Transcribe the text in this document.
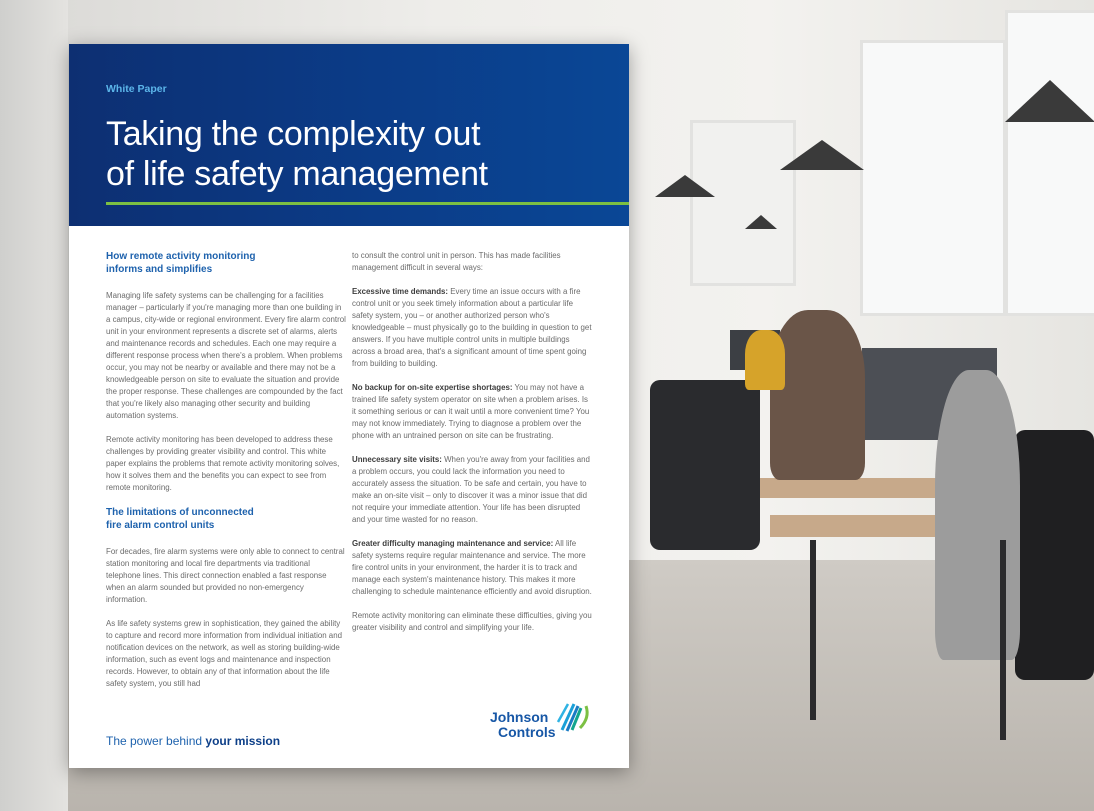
White Paper
Taking the complexity out
of life safety management
How remote activity monitoring informs and simplifies

Managing life safety systems can be challenging for a facilities manager – particularly if you're managing more than one building in a campus, city-wide or regional environment. Every fire alarm control unit in your environment represents a discrete set of alarms, alerts and maintenance records and schedules. Each one may require a different response process when there's a problem. When problems occur, you may not be nearby or available and there may not be a knowledgeable person on site to evaluate the situation and provide the proper response. These challenges are compounded by the fact that you're likely also managing other security and building automation systems.

Remote activity monitoring has been developed to address these challenges by providing greater visibility and control. This white paper explains the problems that remote activity monitoring solves, how it solves them and the benefits you can expect to see from remote monitoring.

The limitations of unconnected fire alarm control units

For decades, fire alarm systems were only able to connect to central station monitoring and local fire departments via traditional telephone lines. This direct connection enabled a fast response when an alarm sounded but provided no non-emergency information.

As life safety systems grew in sophistication, they gained the ability to capture and record more information from individual initiation and notification devices on the network, as well as storing building-wide information, such as event logs and maintenance and inspection records. However, to obtain any of that information about the life safety system, you still had

to consult the control unit in person. This has made facilities management difficult in several ways:

Excessive time demands: Every time an issue occurs with a fire control unit or you seek timely information about a particular life safety system, you – or another authorized person who's knowledgeable – must physically go to the building in question to get answers. If you have multiple control units in multiple buildings across a broad area, that's a significant amount of time spent going from building to building.

No backup for on-site expertise shortages: You may not have a trained life safety system operator on site when a problem arises. Is it something serious or can it wait until a more convenient time? You may not know immediately. Trying to diagnose a problem over the phone with an untrained person on site can be frustrating.

Unnecessary site visits: When you're away from your facilities and a problem occurs, you could lack the information you need to accurately assess the situation. To be safe and certain, you have to make an on-site visit – only to discover it was a minor issue that did not require your immediate attention. Your life has been disrupted and your time wasted for no reason.

Greater difficulty managing maintenance and service: All life safety systems require regular maintenance and service. The more fire control units in your environment, the harder it is to track and manage each system's maintenance history. This makes it more challenging to schedule maintenance efficiently and avoid disruption.

Remote activity monitoring can eliminate these difficulties, giving you greater visibility and control and simplifying your life.

The power behind your mission
Johnson
Controls
